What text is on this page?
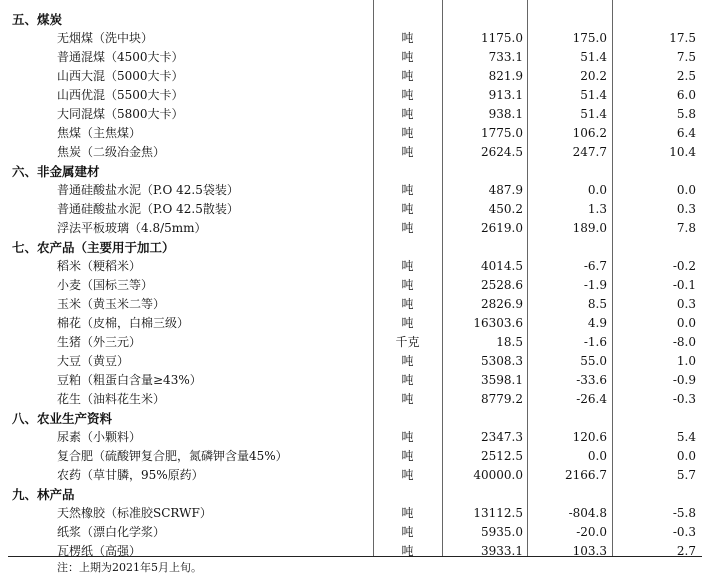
五、煤炭
无烟煤（洗中块）	吨	1175.0	175.0	17.5
普通混煤（4500大卡）	吨	733.1	51.4	7.5
山西大混（5000大卡）	吨	821.9	20.2	2.5
山西优混（5500大卡）	吨	913.1	51.4	6.0
大同混煤（5800大卡）	吨	938.1	51.4	5.8
焦煤（主焦煤）	吨	1775.0	106.2	6.4
焦炭（二级冶金焦）	吨	2624.5	247.7	10.4
六、非金属建材
普通硅酸盐水泥（P.O 42.5袋装）	吨	487.9	0.0	0.0
普通硅酸盐水泥（P.O 42.5散装）	吨	450.2	1.3	0.3
浮法平板玻璃（4.8/5mm）	吨	2619.0	189.0	7.8
七、农产品（主要用于加工）
稻米（粳稻米）	吨	4014.5	-6.7	-0.2
小麦（国标三等）	吨	2528.6	-1.9	-0.1
玉米（黄玉米二等）	吨	2826.9	8.5	0.3
棉花（皮棉，白棉三级）	吨	16303.6	4.9	0.0
生猪（外三元）	千克	18.5	-1.6	-8.0
大豆（黄豆）	吨	5308.3	55.0	1.0
豆粕（粗蛋白含量≥43%）	吨	3598.1	-33.6	-0.9
花生（油料花生米）	吨	8779.2	-26.4	-0.3
八、农业生产资料
尿素（小颗料）	吨	2347.3	120.6	5.4
复合肥（硫酸钾复合肥，氮磷钾含量45%）	吨	2512.5	0.0	0.0
农药（草甘膦，95%原药）	吨	40000.0	2166.7	5.7
九、林产品
天然橡胶（标准胶SCRWF）	吨	13112.5	-804.8	-5.8
纸浆（漂白化学浆）	吨	5935.0	-20.0	-0.3
瓦楞纸（高强）	吨	3933.1	103.3	2.7
注：上期为2021年5月上旬。
